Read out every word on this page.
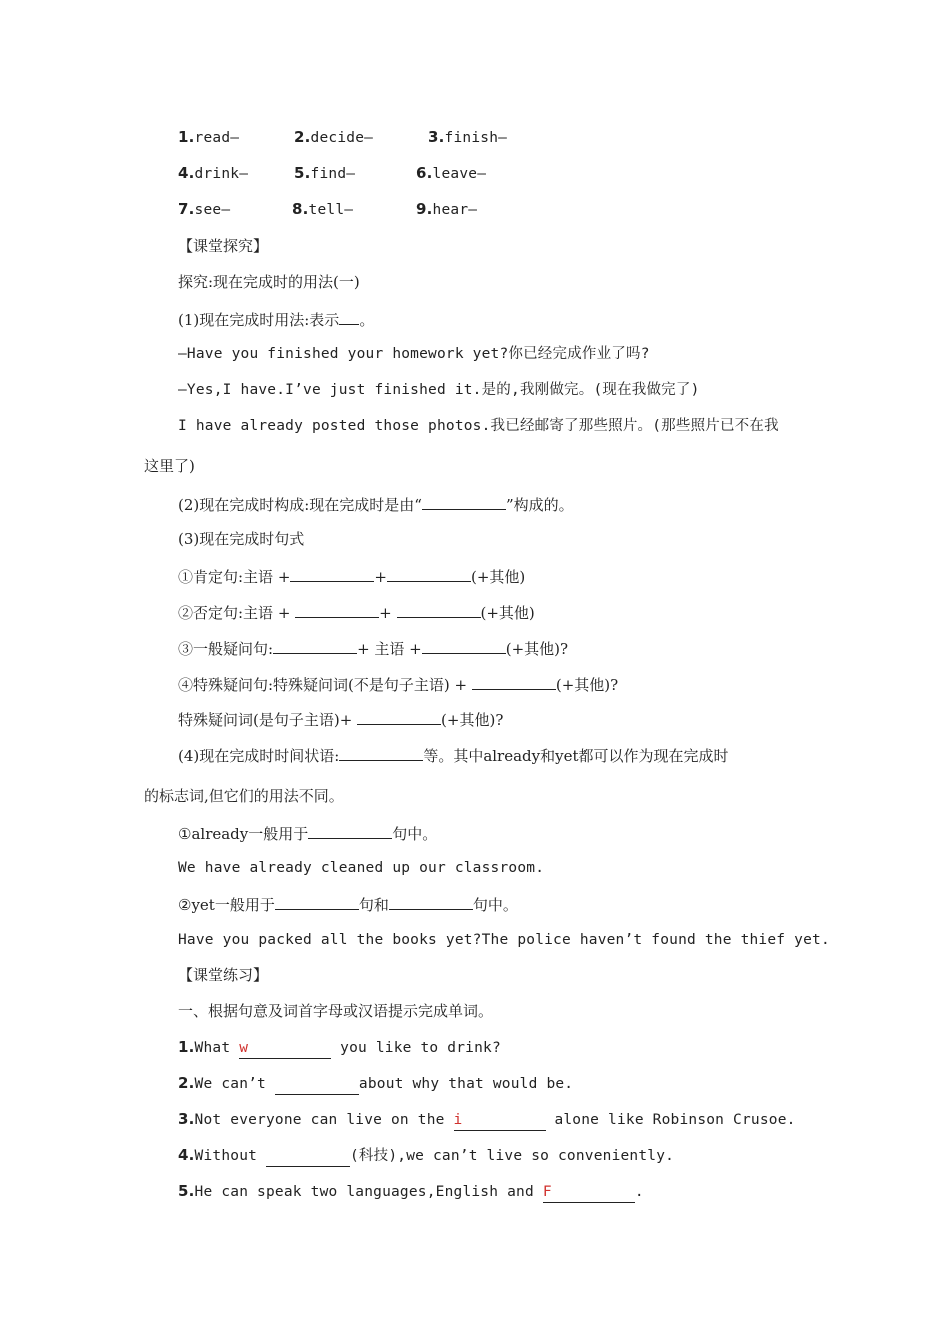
1.read—	2.decide—	3.finish—
4.drink—	5.find—	6.leave—
7.see—	8.tell—	9.hear—
【课堂探究】
探究:现在完成时的用法(一)
(1)现在完成时用法:表示 。
—Have you finished your homework yet?你已经完成作业了吗?
—Yes,I have.I’ve just finished it.是的,我刚做完。(现在我做完了)
I have already posted those photos.我已经邮寄了那些照片。(那些照片已不在我
这里了)
(2)现在完成时构成:现在完成时是由“	”构成的。
(3)现在完成时句式
①肯定句:主语 +	+	(+其他)
②否定句:主语 +	+	(+其他)
③一般疑问句:	+ 主语 +	(+其他)?
④特殊疑问句:特殊疑问词(不是句子主语) +	(+其他)?
特殊疑问词(是句子主语)+	(+其他)?
(4)现在完成时时间状语:	等。其中already和yet都可以作为现在完成时
的标志词,但它们的用法不同。
①already一般用于	句中。
We have already cleaned up our classroom.
②yet一般用于	句和	句中。
Have you packed all the books yet?The police haven’t found the thief yet.
【课堂练习】
一、根据句意及词首字母或汉语提示完成单词。
1.What w	you like to drink?
2.We can’t	about why that would be.
3.Not everyone can live on the i	alone like Robinson Crusoe.
4.Without	(科技),we can’t live so conveniently.
5.He can speak two languages,English and F	.
